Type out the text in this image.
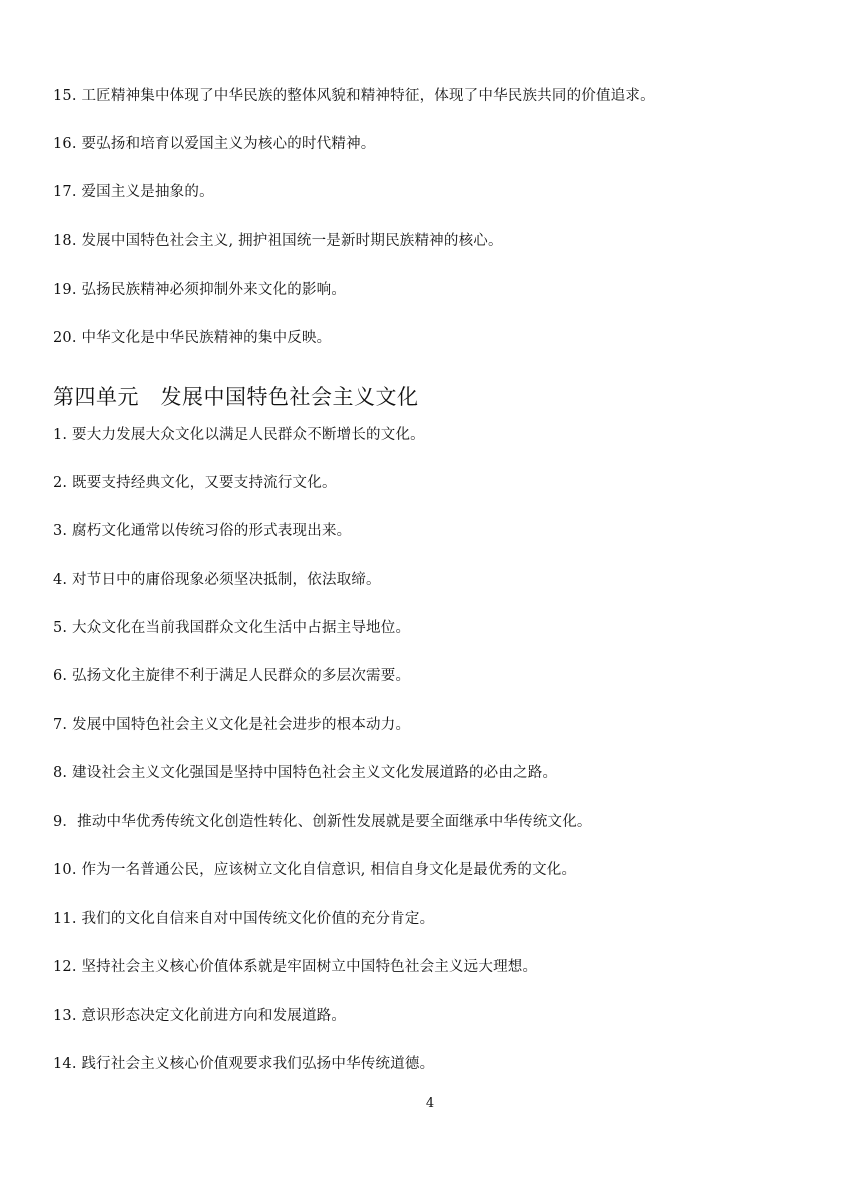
15. 工匠精神集中体现了中华民族的整体风貌和精神特征，体现了中华民族共同的价值追求。
16. 要弘扬和培育以爱国主义为核心的时代精神。
17. 爱国主义是抽象的。
18. 发展中国特色社会主义, 拥护祖国统一是新时期民族精神的核心。
19. 弘扬民族精神必须抑制外来文化的影响。
20. 中华文化是中华民族精神的集中反映。
第四单元　发展中国特色社会主义文化
1. 要大力发展大众文化以满足人民群众不断增长的文化。
2. 既要支持经典文化，又要支持流行文化。
3. 腐朽文化通常以传统习俗的形式表现出来。
4. 对节日中的庸俗现象必须坚决抵制，依法取缔。
5. 大众文化在当前我国群众文化生活中占据主导地位。
6. 弘扬文化主旋律不利于满足人民群众的多层次需要。
7. 发展中国特色社会主义文化是社会进步的根本动力。
8. 建设社会主义文化强国是坚持中国特色社会主义文化发展道路的必由之路。
9．推动中华优秀传统文化创造性转化、创新性发展就是要全面继承中华传统文化。
10. 作为一名普通公民，应该树立文化自信意识, 相信自身文化是最优秀的文化。
11. 我们的文化自信来自对中国传统文化价值的充分肯定。
12. 坚持社会主义核心价值体系就是牢固树立中国特色社会主义远大理想。
13. 意识形态决定文化前进方向和发展道路。
14. 践行社会主义核心价值观要求我们弘扬中华传统道德。
4
